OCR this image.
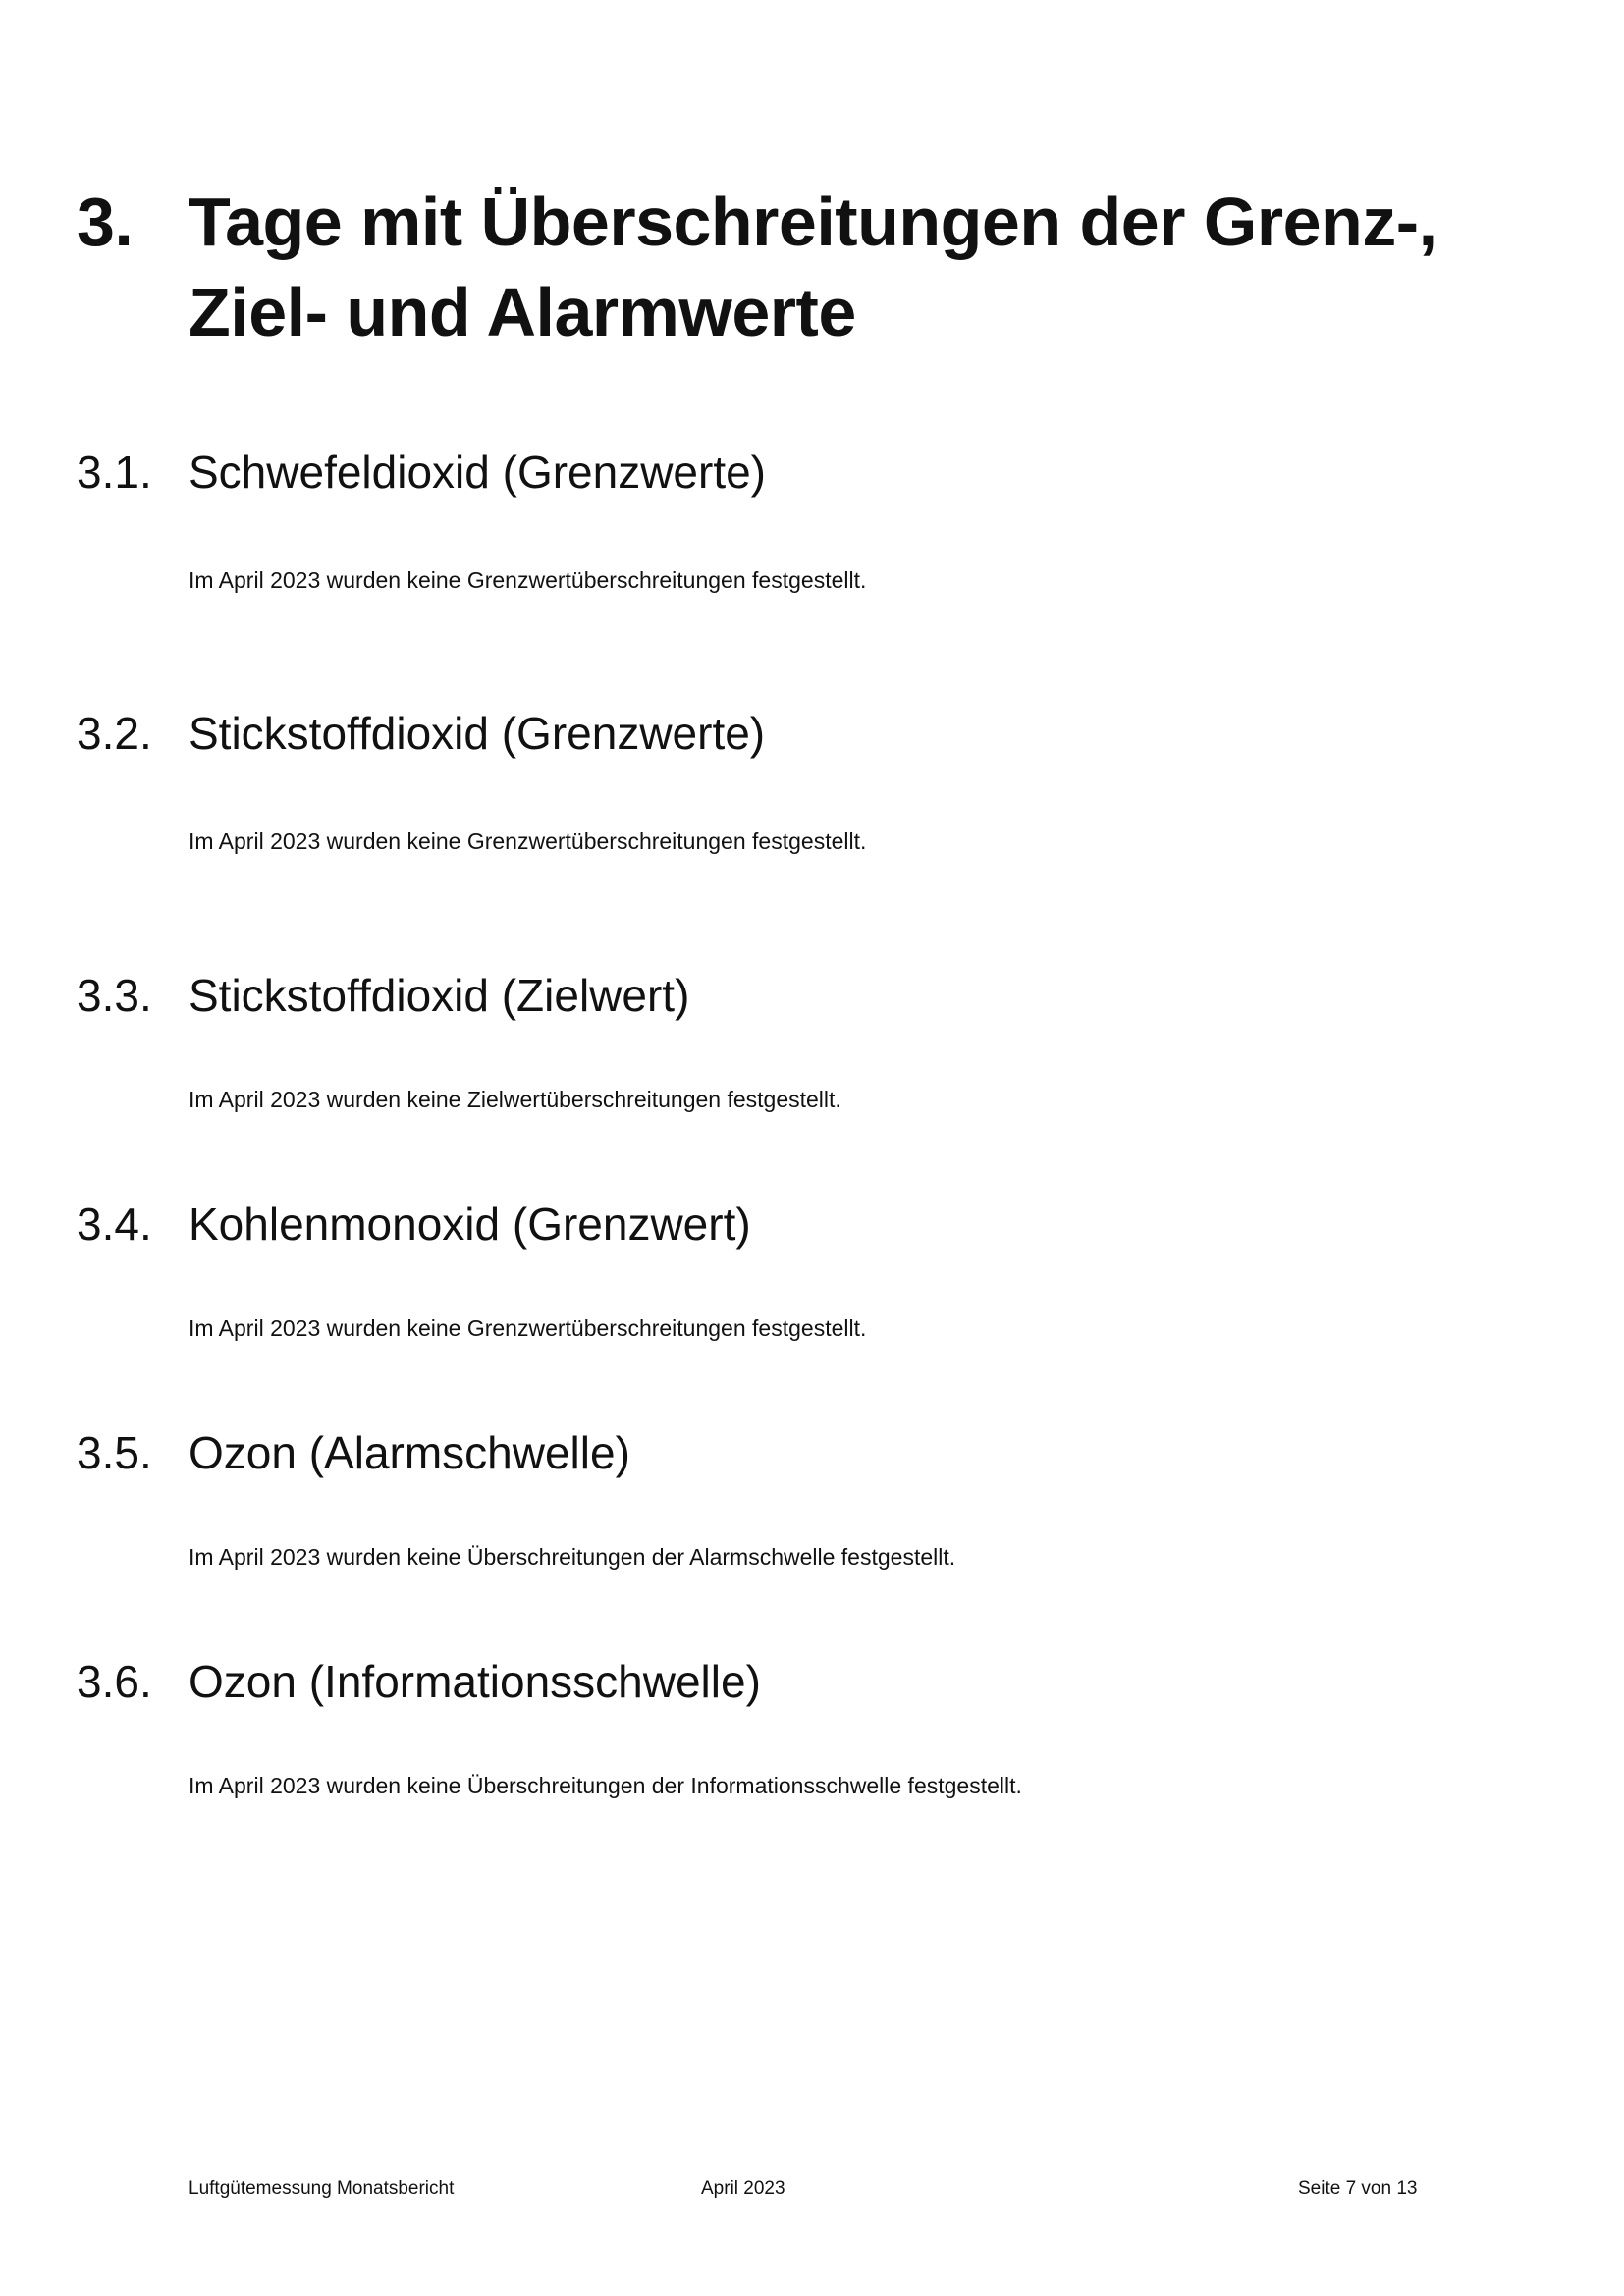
3. Tage mit Überschreitungen der Grenz-,
Ziel- und Alarmwerte
3.1. Schwefeldioxid (Grenzwerte)
Im April 2023 wurden keine Grenzwertüberschreitungen festgestellt.
3.2. Stickstoffdioxid (Grenzwerte)
Im April 2023 wurden keine Grenzwertüberschreitungen festgestellt.
3.3. Stickstoffdioxid (Zielwert)
Im April 2023 wurden keine Zielwertüberschreitungen festgestellt.
3.4. Kohlenmonoxid (Grenzwert)
Im April 2023 wurden keine Grenzwertüberschreitungen festgestellt.
3.5. Ozon (Alarmschwelle)
Im April 2023 wurden keine Überschreitungen der Alarmschwelle festgestellt.
3.6. Ozon (Informationsschwelle)
Im April 2023 wurden keine Überschreitungen der Informationsschwelle festgestellt.
Luftgütemessung Monatsbericht	April 2023	Seite 7 von 13
